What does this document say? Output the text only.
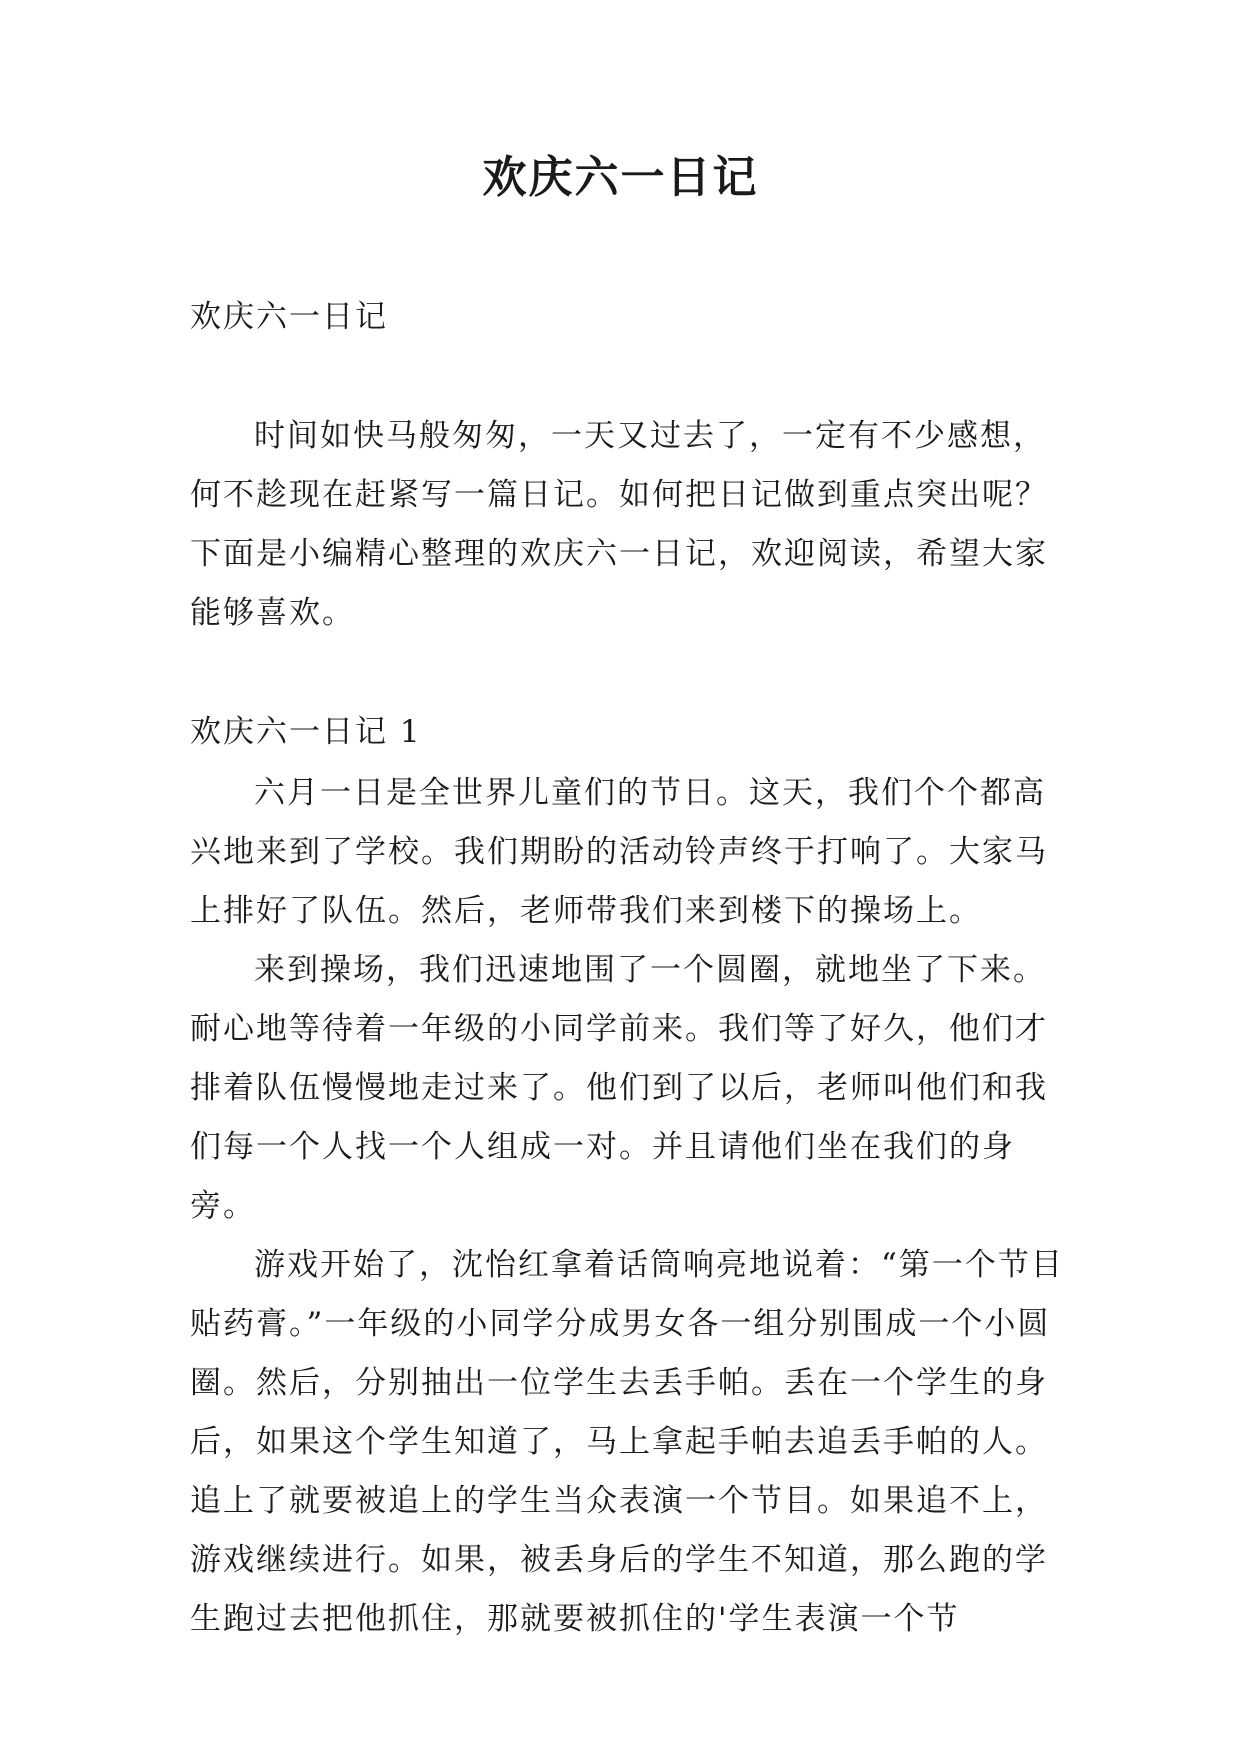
欢庆六一日记

欢庆六一日记

时间如快马般匆匆，一天又过去了，一定有不少感想，何不趁现在赶紧写一篇日记。如何把日记做到重点突出呢？下面是小编精心整理的欢庆六一日记，欢迎阅读，希望大家能够喜欢。

欢庆六一日记 1

六月一日是全世界儿童们的节日。这天，我们个个都高兴地来到了学校。我们期盼的活动铃声终于打响了。大家马上排好了队伍。然后，老师带我们来到楼下的操场上。

来到操场，我们迅速地围了一个圆圈，就地坐了下来。耐心地等待着一年级的小同学前来。我们等了好久，他们才排着队伍慢慢地走过来了。他们到了以后，老师叫他们和我们每一个人找一个人组成一对。并且请他们坐在我们的身旁。

游戏开始了，沈怡红拿着话筒响亮地说着：“第一个节目贴药膏。”一年级的小同学分成男女各一组分别围成一个小圆圈。然后，分别抽出一位学生去丢手帕。丢在一个学生的身后，如果这个学生知道了，马上拿起手帕去追丢手帕的人。追上了就要被追上的学生当众表演一个节目。如果追不上，游戏继续进行。如果，被丢身后的学生不知道，那么跑的学生跑过去把他抓住，那就要被抓住的'学生表演一个节
